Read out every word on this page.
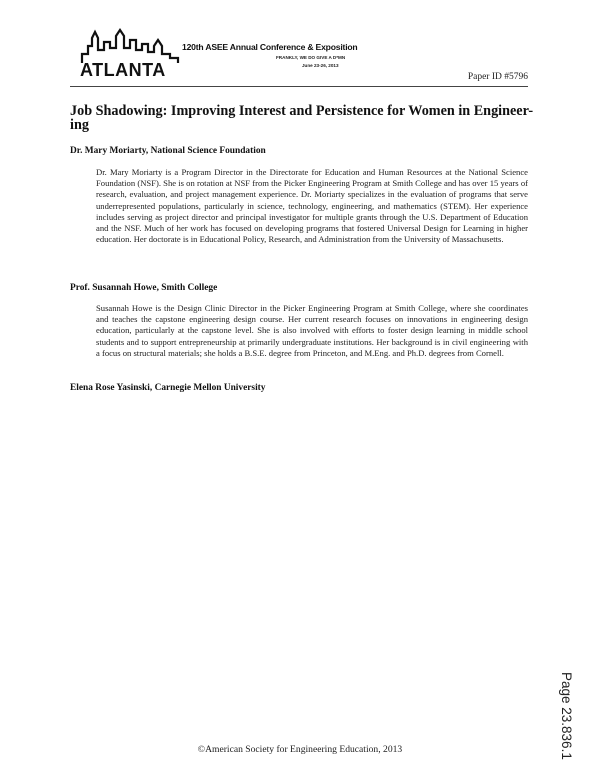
ATLANTA
120th ASEE Annual Conference & Exposition
FRANKLY, WE DO GIVE A D*MN
June 23-26, 2013
Paper ID #5796
Job Shadowing: Improving Interest and Persistence for Women in Engineer-
ing
Dr. Mary Moriarty, National Science Foundation
Dr. Mary Moriarty is a Program Director in the Directorate for Education and Human Resources at the National Science Foundation (NSF). She is on rotation at NSF from the Picker Engineering Program at Smith College and has over 15 years of research, evaluation, and project management experience. Dr. Moriarty specializes in the evaluation of programs that serve underrepresented populations, particularly in science, technology, engineering, and mathematics (STEM). Her experience includes serving as project director and principal investigator for multiple grants through the U.S. Department of Education and the NSF. Much of her work has focused on developing programs that fostered Universal Design for Learning in higher education. Her doctorate is in Educational Policy, Research, and Administration from the University of Massachusetts.
Prof. Susannah Howe, Smith College
Susannah Howe is the Design Clinic Director in the Picker Engineering Program at Smith College, where she coordinates and teaches the capstone engineering design course. Her current research focuses on innovations in engineering design education, particularly at the capstone level. She is also involved with efforts to foster design learning in middle school students and to support entrepreneurship at primarily undergraduate institutions. Her background is in civil engineering with a focus on structural materials; she holds a B.S.E. degree from Princeton, and M.Eng. and Ph.D. degrees from Cornell.
Elena Rose Yasinski, Carnegie Mellon University
©American Society for Engineering Education, 2013	Page 23.836.1
